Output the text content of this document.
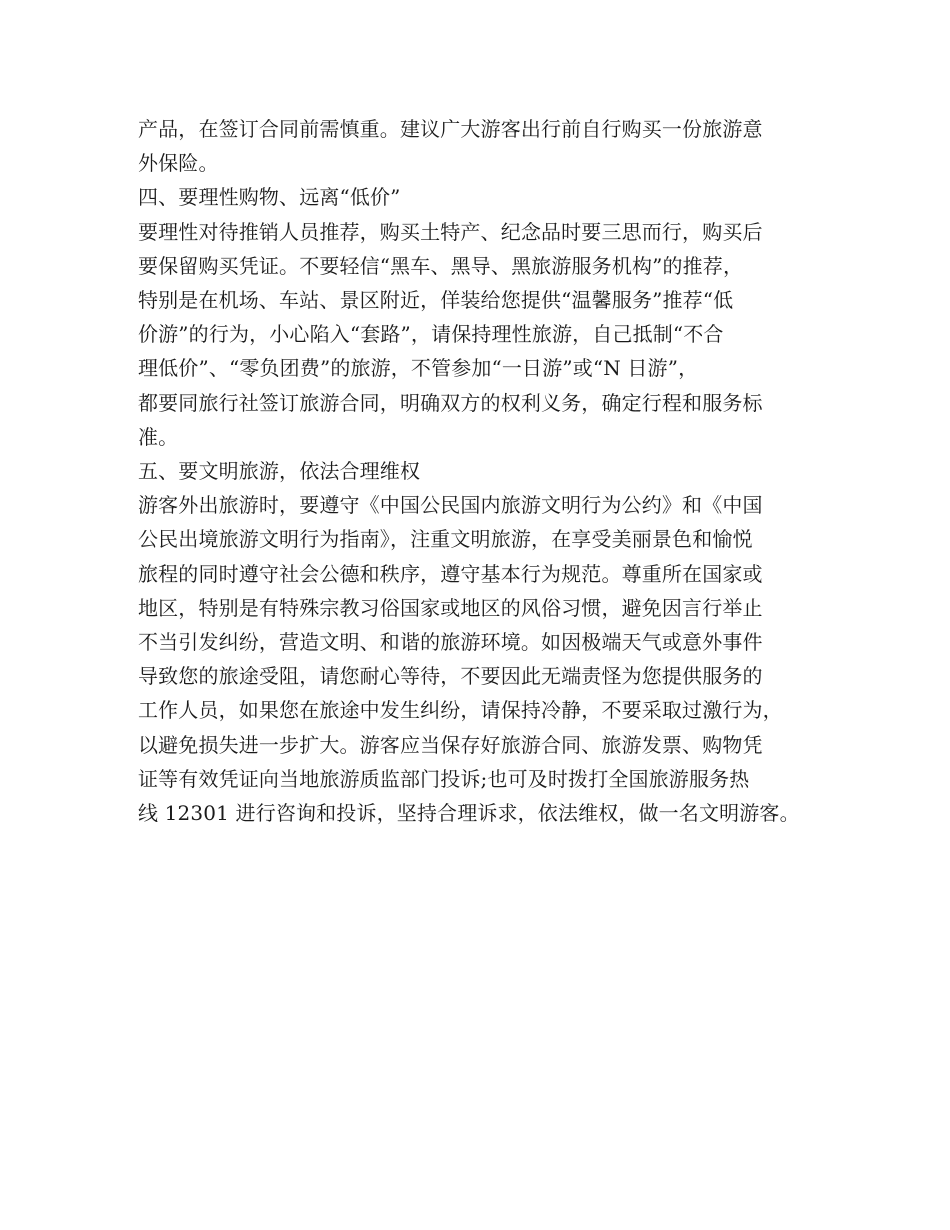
产品，在签订合同前需慎重。建议广大游客出行前自行购买一份旅游意
外保险。
四、要理性购物、远离“低价”
要理性对待推销人员推荐，购买土特产、纪念品时要三思而行，购买后
要保留购买凭证。不要轻信“黑车、黑导、黑旅游服务机构”的推荐，
特别是在机场、车站、景区附近，佯装给您提供“温馨服务”推荐“低
价游”的行为，小心陷入“套路”，请保持理性旅游，自己抵制“不合
理低价”、“零负团费”的旅游，不管参加“一日游”或“N 日游”，
都要同旅行社签订旅游合同，明确双方的权利义务，确定行程和服务标
准。
五、要文明旅游，依法合理维权
游客外出旅游时，要遵守《中国公民国内旅游文明行为公约》和《中国
公民出境旅游文明行为指南》，注重文明旅游，在享受美丽景色和愉悦
旅程的同时遵守社会公德和秩序，遵守基本行为规范。尊重所在国家或
地区，特别是有特殊宗教习俗国家或地区的风俗习惯，避免因言行举止
不当引发纠纷，营造文明、和谐的旅游环境。如因极端天气或意外事件
导致您的旅途受阻，请您耐心等待，不要因此无端责怪为您提供服务的
工作人员，如果您在旅途中发生纠纷，请保持冷静，不要采取过激行为，
以避免损失进一步扩大。游客应当保存好旅游合同、旅游发票、购物凭
证等有效凭证向当地旅游质监部门投诉;也可及时拨打全国旅游服务热
线 12301 进行咨询和投诉，坚持合理诉求，依法维权，做一名文明游客。
